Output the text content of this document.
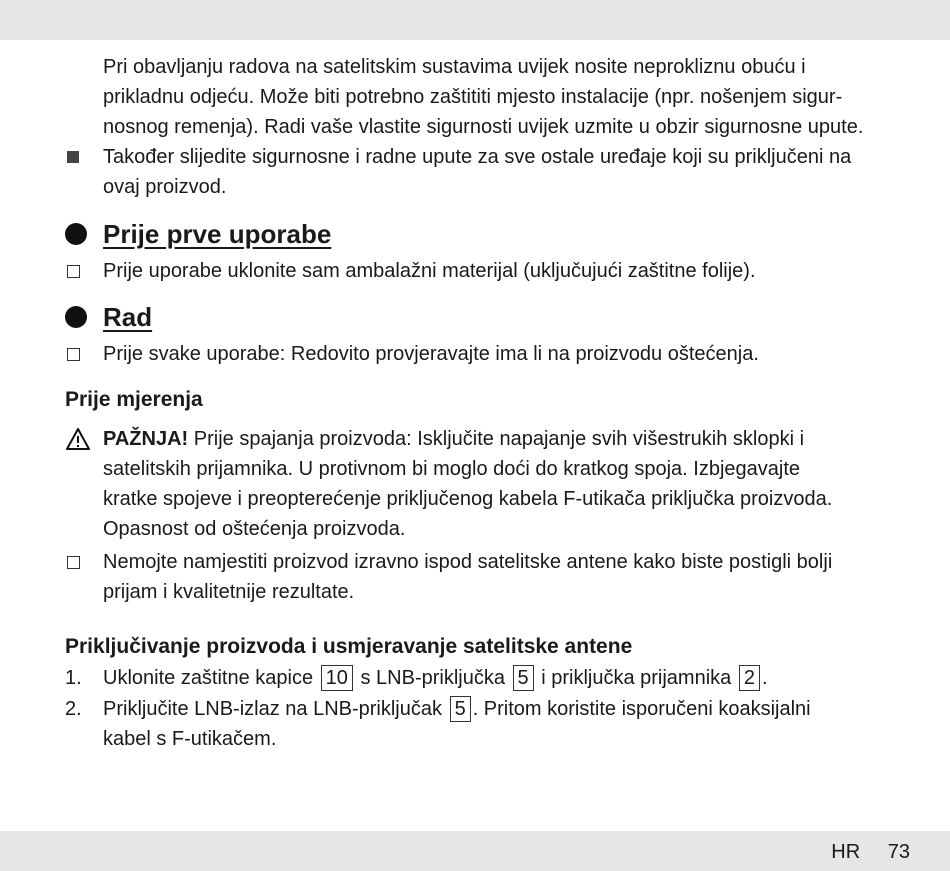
Pri obavljanju radova na satelitskim sustavima uvijek nosite neprokliznu obuću i
prikladnu odjeću. Može biti potrebno zaštititi mjesto instalacije (npr. nošenjem sigur-
nosnog remenja). Radi vaše vlastite sigurnosti uvijek uzmite u obzir sigurnosne upute.
Također slijedite sigurnosne i radne upute za sve ostale uređaje koji su priključeni na
ovaj proizvod.
Prije prve uporabe
Prije uporabe uklonite sam ambalažni materijal (uključujući zaštitne folije).
Rad
Prije svake uporabe: Redovito provjeravajte ima li na proizvodu oštećenja.
Prije mjerenja
PAŽNJA! Prije spajanja proizvoda: Isključite napajanje svih višestrukih sklopki i
satelitskih prijamnika. U protivnom bi moglo doći do kratkog spoja. Izbjegavajte
kratke spojeve i preopterećenje priključenog kabela F-utikača priključka proizvoda.
Opasnost od oštećenja proizvoda.
Nemojte namjestiti proizvod izravno ispod satelitske antene kako biste postigli bolji
prijam i kvalitetnije rezultate.
Priključivanje proizvoda i usmjeravanje satelitske antene
1. Uklonite zaštitne kapice 10 s LNB-priključka 5 i priključka prijamnika 2 .
2. Priključite LNB-izlaz na LNB-priključak 5 . Pritom koristite isporučeni koaksijalni
kabel s F-utikačem.
HR 73
